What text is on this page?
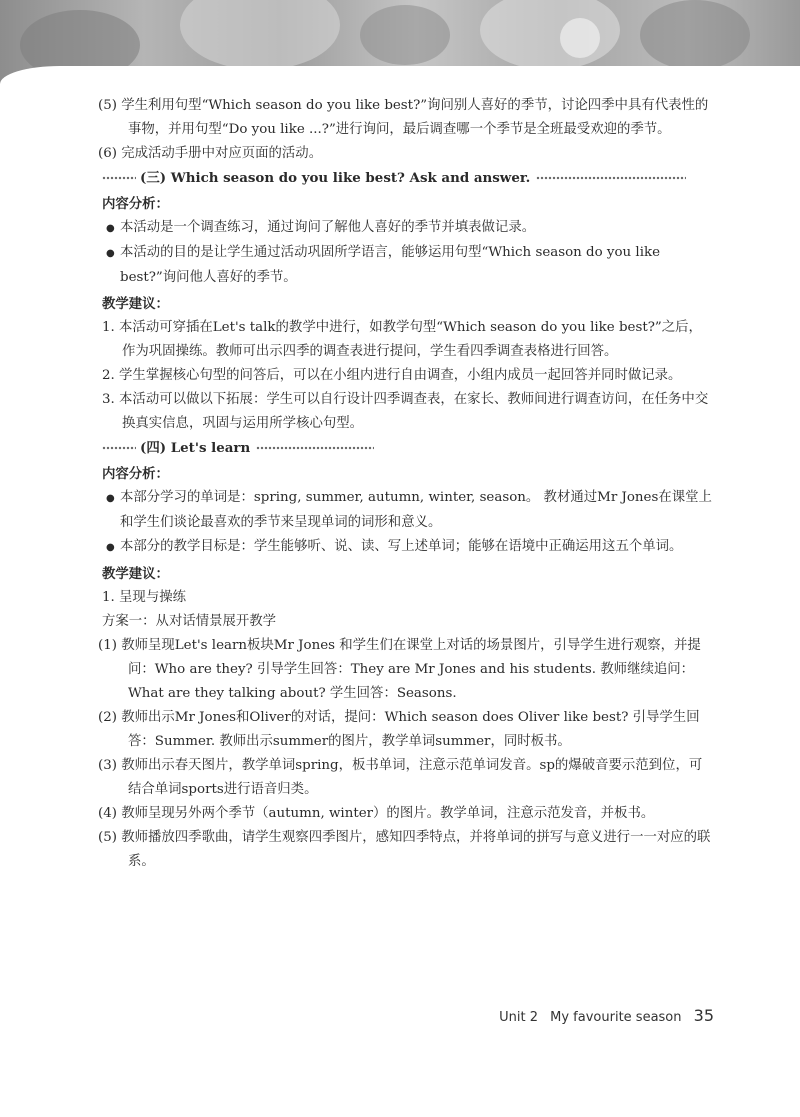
(5) 学生利用句型“Which season do you like best?”询问别人喜好的季节，讨论四季中具有代表性的事物，并用句型“Do you like ...?”进行询问，最后调查哪一个季节是全班最受欢迎的季节。

(6) 完成活动手册中对应页面的活动。

(三) Which season do you like best? Ask and answer.

内容分析：

● 本活动是一个调查练习，通过询问了解他人喜好的季节并填表做记录。

● 本活动的目的是让学生通过活动巩固所学语言，能够运用句型“Which season do you like best?”询问他人喜好的季节。

教学建议：

1. 本活动可穿插在Let's talk的教学中进行，如教学句型“Which season do you like best?”之后，作为巩固操练。教师可出示四季的调查表进行提问，学生看四季调查表格进行回答。

2. 学生掌握核心句型的问答后，可以在小组内进行自由调查，小组内成员一起回答并同时做记录。

3. 本活动可以做以下拓展：学生可以自行设计四季调查表，在家长、教师间进行调查访问，在任务中交换真实信息，巩固与运用所学核心句型。

(四) Let's learn

内容分析：

● 本部分学习的单词是：spring, summer, autumn, winter, season。 教材通过Mr Jones在课堂上和学生们谈论最喜欢的季节来呈现单词的词形和意义。

● 本部分的教学目标是：学生能够听、说、读、写上述单词；能够在语境中正确运用这五个单词。

教学建议：

1. 呈现与操练

方案一：从对话情景展开教学

(1) 教师呈现Let's learn板块Mr Jones 和学生们在课堂上对话的场景图片，引导学生进行观察，并提问：Who are they? 引导学生回答：They are Mr Jones and his students. 教师继续追问：What are they talking about? 学生回答：Seasons.

(2) 教师出示Mr Jones和Oliver的对话，提问：Which season does Oliver like best? 引导学生回答：Summer. 教师出示summer的图片，教学单词summer，同时板书。

(3) 教师出示春天图片，教学单词spring，板书单词，注意示范单词发音。sp的爆破音要示范到位，可结合单词sports进行语音归类。

(4) 教师呈现另外两个季节（autumn, winter）的图片。教学单词，注意示范发音，并板书。

(5) 教师播放四季歌曲，请学生观察四季图片，感知四季特点，并将单词的拼写与意义进行一一对应的联系。

Unit 2 My favourite season 35
